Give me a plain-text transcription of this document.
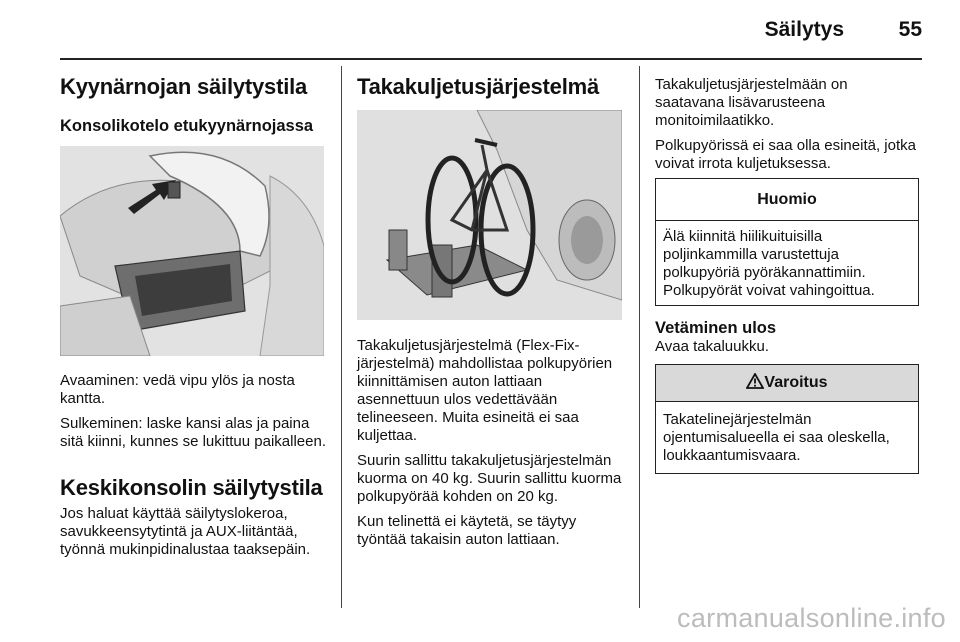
Säilytys	55
Kyynärnojan säilytystila
Konsolikotelo etukyynärnojassa

Avaaminen: vedä vipu ylös ja nosta kantta.

Sulkeminen: laske kansi alas ja paina sitä kiinni, kunnes se lukittuu paikalleen.

Keskikonsolin säilytystila

Jos haluat käyttää säilytyslokeroa, savukkeensytytintä ja AUX-liitäntää, työnnä mukinpidinalustaa taaksepäin.

Takakuljetusjärjestelmä

Takakuljetusjärjestelmä (Flex-Fix-järjestelmä) mahdollistaa polkupyörien kiinnittämisen auton lattiaan asennettuun ulos vedettävään telineeseen. Muita esineitä ei saa kuljettaa.

Suurin sallittu takakuljetusjärjestelmän kuorma on 40 kg. Suurin sallittu kuorma polkupyörää kohden on 20 kg.

Kun telinettä ei käytetä, se täytyy työntää takaisin auton lattiaan.

Takakuljetusjärjestelmään on saatavana lisävarusteena monitoimilaatikko.

Polkupyörissä ei saa olla esineitä, jotka voivat irrota kuljetuksessa.

Huomio
Älä kiinnitä hiilikuituisilla poljinkammilla varustettuja polkupyöriä pyöräkannattimiin. Polkupyörät voivat vahingoittua.
Vetäminen ulos

Avaa takaluukku.

Varoitus
Takatelinejärjestelmän ojentumisalueella ei saa oleskella, loukkaantumisvaara.
carmanualsonline.info
